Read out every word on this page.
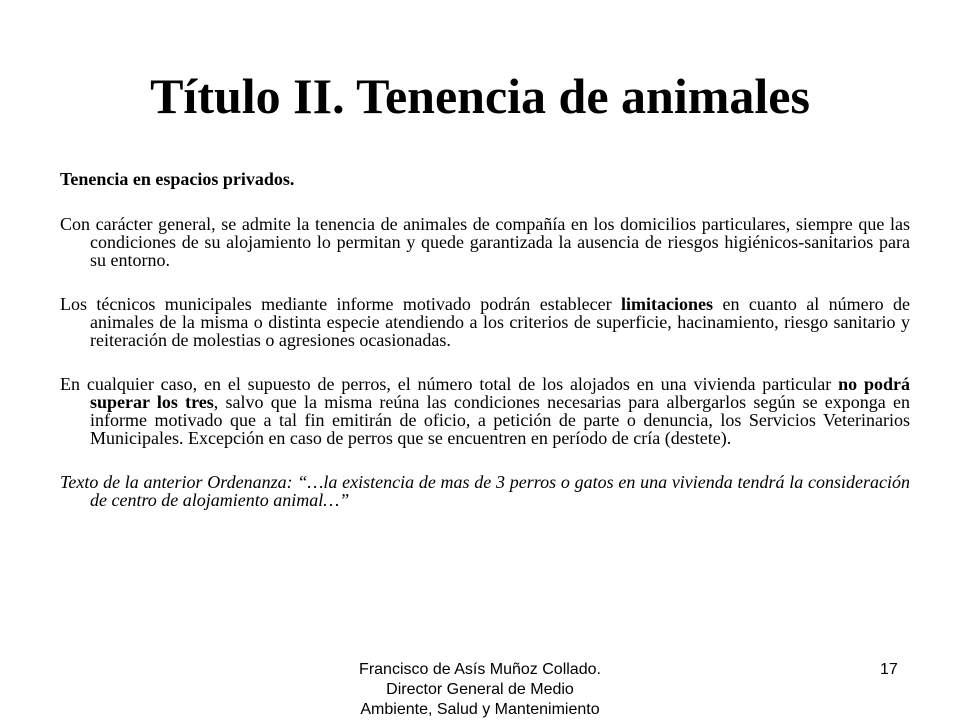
Título II. Tenencia de animales

Tenencia en espacios privados.

Con carácter general, se admite la tenencia de animales de compañía en los domicilios particulares, siempre que las condiciones de su alojamiento lo permitan y quede garantizada la ausencia de riesgos higiénicos-sanitarios para su entorno.

Los técnicos municipales mediante informe motivado podrán establecer limitaciones en cuanto al número de animales de la misma o distinta especie atendiendo a los criterios de superficie, hacinamiento, riesgo sanitario y reiteración de molestias o agresiones ocasionadas.

En cualquier caso, en el supuesto de perros, el número total de los alojados en una vivienda particular no podrá superar los tres, salvo que la misma reúna las condiciones necesarias para albergarlos según se exponga en informe motivado que a tal fin emitirán de oficio, a petición de parte o denuncia, los Servicios Veterinarios Municipales. Excepción en caso de perros que se encuentren en período de cría (destete).

Texto de la anterior Ordenanza: “…la existencia de mas de 3 perros o gatos en una vivienda tendrá la consideración de centro de alojamiento animal…”

Francisco de Asís Muñoz Collado.
Director General de Medio
Ambiente, Salud y Mantenimiento
17
